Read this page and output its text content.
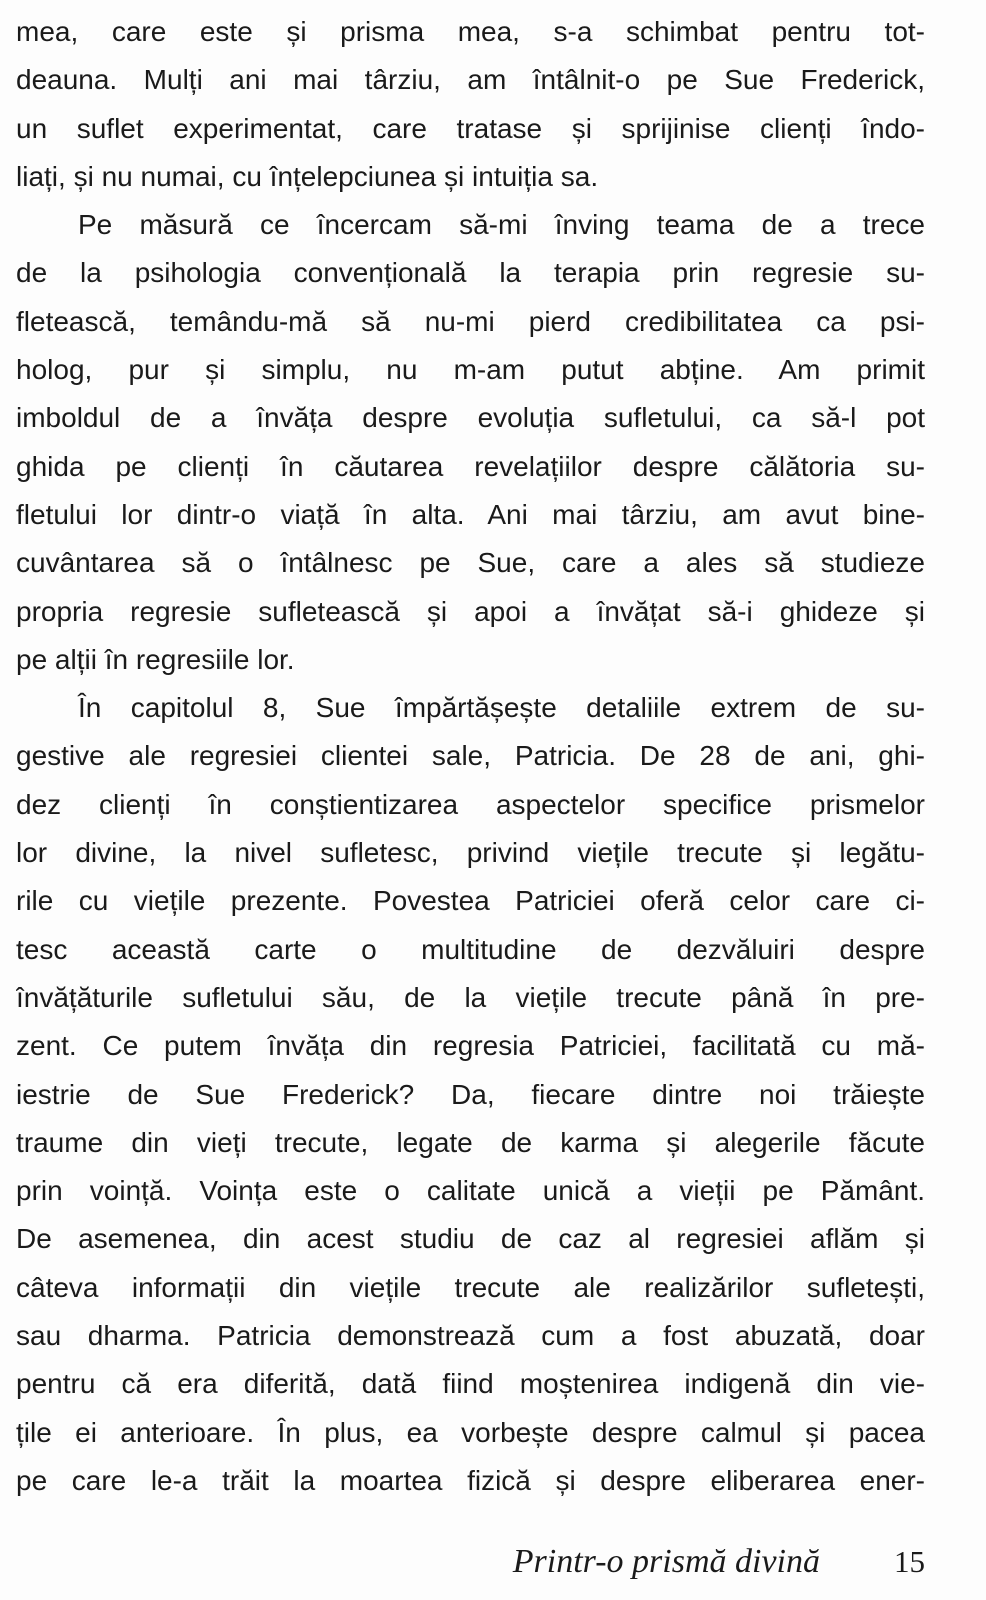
mea, care este și prisma mea, s-a schimbat pentru tot-
deauna. Mulți ani mai târziu, am întâlnit-o pe Sue Frederick,
un suflet experimentat, care tratase și sprijinise clienți îndo-
liați, și nu numai, cu înțelepciunea și intuiția sa.
Pe măsură ce încercam să-mi înving teama de a trece
de la psihologia convențională la terapia prin regresie su-
fletească, temându-mă să nu-mi pierd credibilitatea ca psi-
holog, pur și simplu, nu m-am putut abține. Am primit
imboldul de a învăța despre evoluția sufletului, ca să-l pot
ghida pe clienți în căutarea revelațiilor despre călătoria su-
fletului lor dintr-o viață în alta. Ani mai târziu, am avut bine-
cuvântarea să o întâlnesc pe Sue, care a ales să studieze
propria regresie sufletească și apoi a învățat să-i ghideze și
pe alții în regresiile lor.
În capitolul 8, Sue împărtășește detaliile extrem de su-
gestive ale regresiei clientei sale, Patricia. De 28 de ani, ghi-
dez clienți în conștientizarea aspectelor specifice prismelor
lor divine, la nivel sufletesc, privind viețile trecute și legătu-
rile cu viețile prezente. Povestea Patriciei oferă celor care ci-
tesc această carte o multitudine de dezvăluiri despre
învățăturile sufletului său, de la viețile trecute până în pre-
zent. Ce putem învăța din regresia Patriciei, facilitată cu mă-
iestrie de Sue Frederick? Da, fiecare dintre noi trăiește
traume din vieți trecute, legate de karma și alegerile făcute
prin voință. Voința este o calitate unică a vieții pe Pământ.
De asemenea, din acest studiu de caz al regresiei aflăm și
câteva informații din viețile trecute ale realizărilor sufletești,
sau dharma. Patricia demonstrează cum a fost abuzată, doar
pentru că era diferită, dată fiind moștenirea indigenă din vie-
țile ei anterioare. În plus, ea vorbește despre calmul și pacea
pe care le-a trăit la moartea fizică și despre eliberarea ener-
Printr-o prismă divină 15
